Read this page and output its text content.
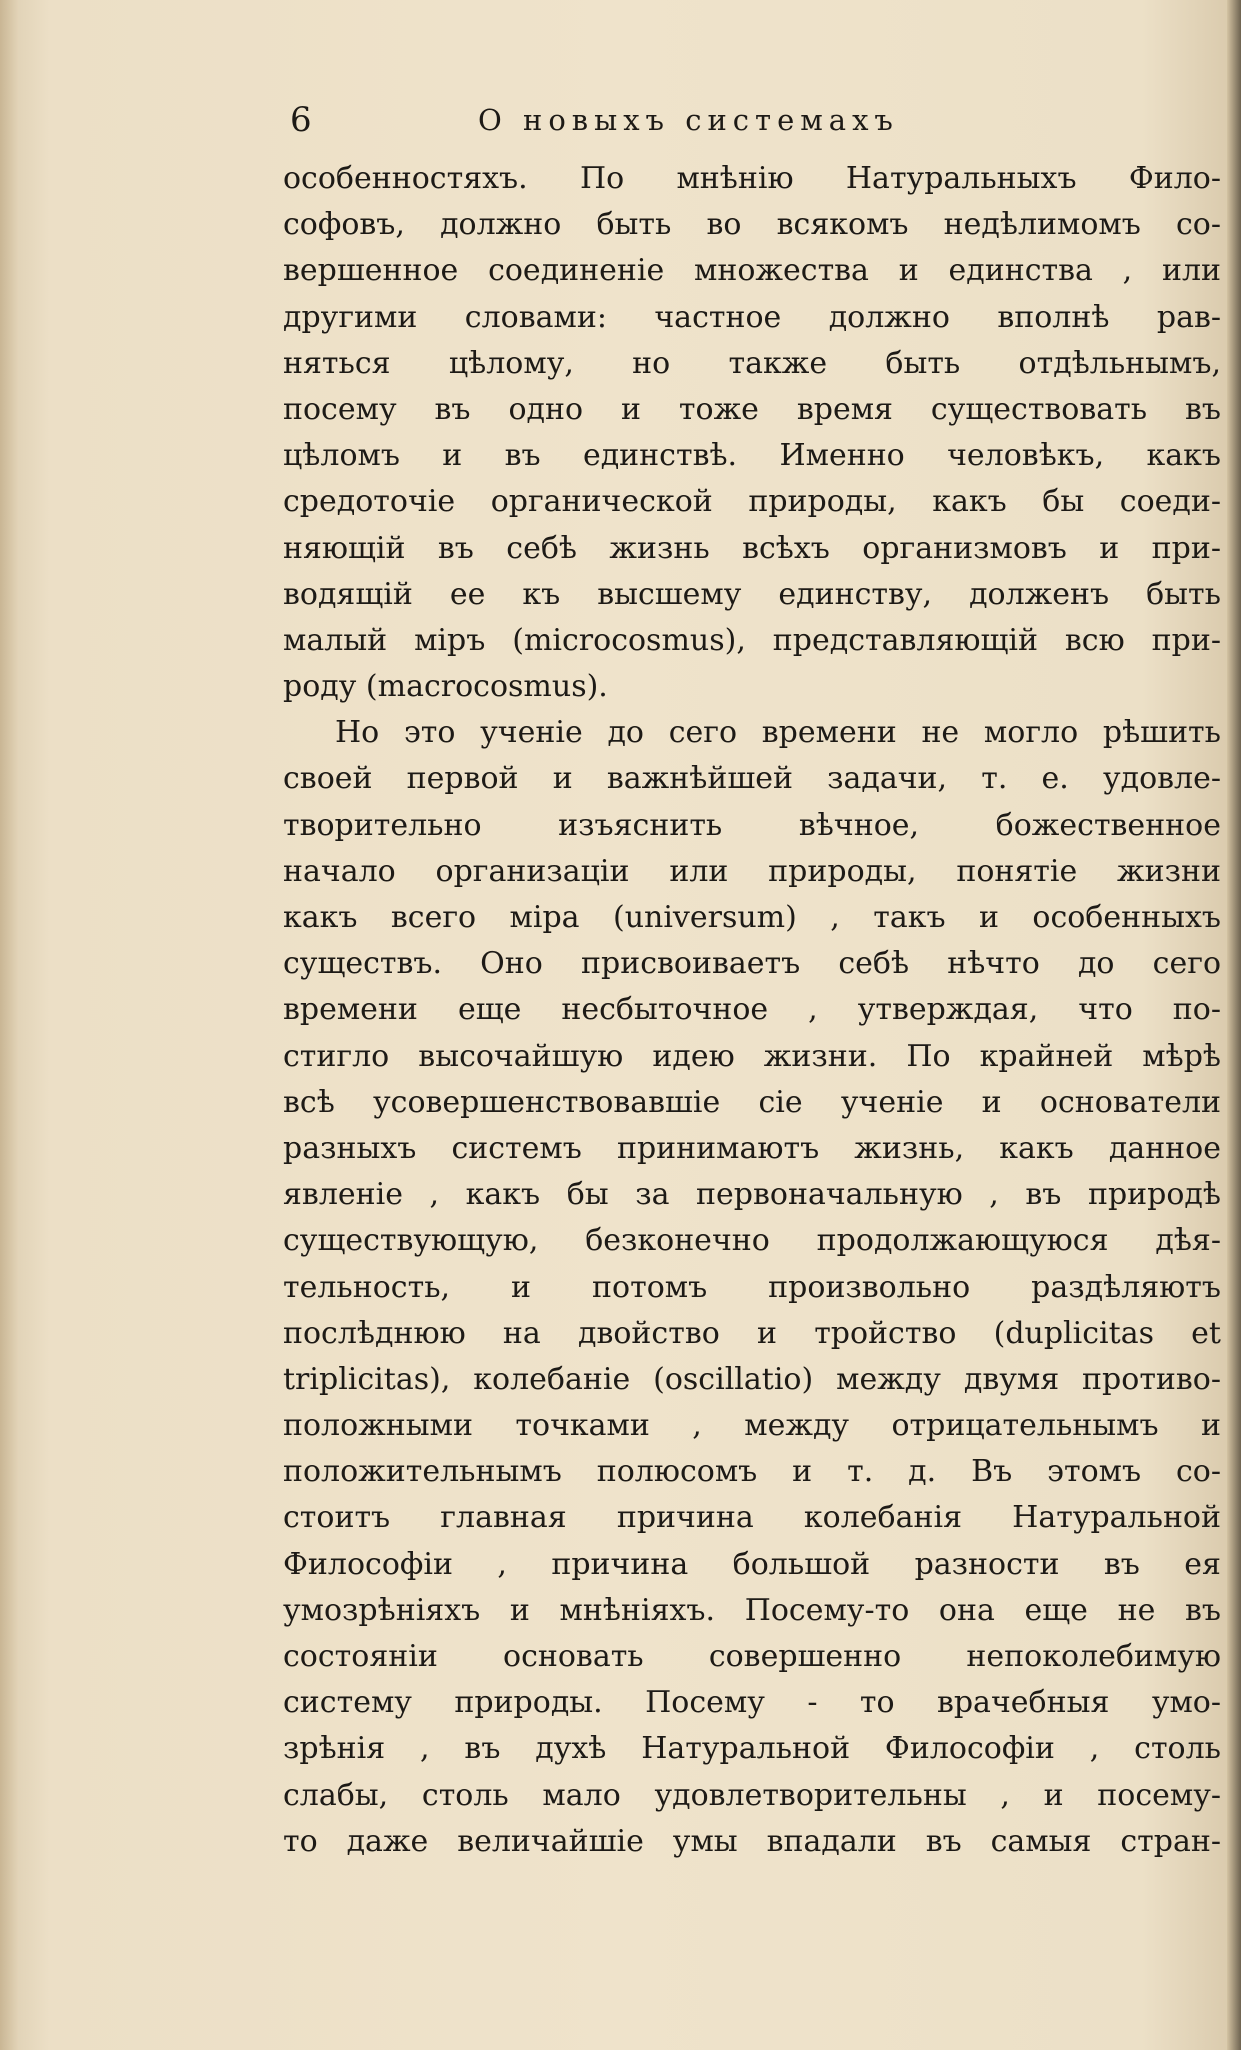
6	О новыхъ системахъ
особенностяхъ. По мнѣнію Натуральныхъ Фило-
софовъ, должно быть во всякомъ недѣлимомъ со-
вершенное соединеніе множества и единства , или
другими словами: частное должно вполнѣ рав-
няться цѣлому, но также быть отдѣльнымъ,
посему въ одно и тоже время существовать въ
цѣломъ и въ единствѣ. Именно человѣкъ, какъ
средоточіе органической природы, какъ бы соеди-
няющій въ себѣ жизнь всѣхъ организмовъ и при-
водящій ее къ высшему единству, долженъ быть
малый міръ (microcosmus), представляющій всю при-
роду (macrocosmus).
Но это ученіе до сего времени не могло рѣшить
своей первой и важнѣйшей задачи, т. е. удовле-
творительно изъяснить вѣчное, божественное
начало организаціи или природы, понятіе жизни
какъ всего міра (universum) , такъ и особенныхъ
существъ. Оно присвоиваетъ себѣ нѣчто до сего
времени еще несбыточное , утверждая, что по-
стигло высочайшую идею жизни. По крайней мѣрѣ
всѣ усовершенствовавшіе сіе ученіе и основатели
разныхъ системъ принимаютъ жизнь, какъ данное
явленіе , какъ бы за первоначальную , въ природѣ
существующую, безконечно продолжающуюся дѣя-
тельность, и потомъ произвольно раздѣляютъ
послѣднюю на двойство и тройство (duplicitas et
triplicitas), колебаніе (oscillatio) между двумя противо-
положными точками , между отрицательнымъ и
положительнымъ полюсомъ и т. д. Въ этомъ со-
стоитъ главная причина колебанія Натуральной
Философіи , причина большой разности въ ея
умозрѣніяхъ и мнѣніяхъ. Посему-то она еще не въ
состояніи основать совершенно непоколебимую
систему природы. Посему - то врачебныя умо-
зрѣнія , въ духѣ Натуральной Философіи , столь
слабы, столь мало удовлетворительны , и посему-
то даже величайшіе умы впадали въ самыя стран-
